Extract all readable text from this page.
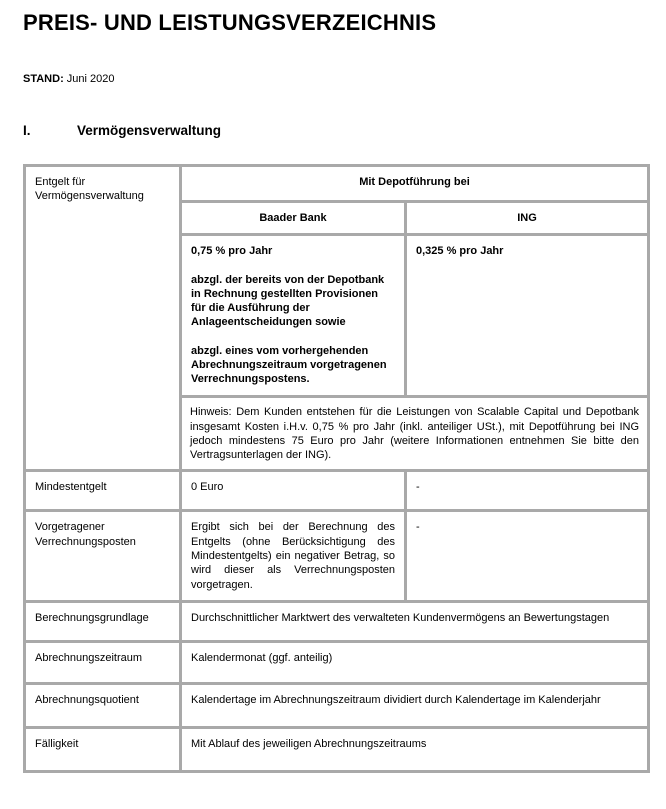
PREIS- UND LEISTUNGSVERZEICHNIS
STAND: Juni 2020
I.	Vermögensverwaltung
Entgelt für Vermögensverwaltung	Mit Depotführung bei	
	Baader Bank	ING

	0,75 % pro Jahr

abzgl. der bereits von der Depotbank in Rechnung gestellten Provisionen für die Ausführung der Anlageentscheidungen sowie

abzgl. eines vom vorhergehenden Abrechnungszeitraum vorgetragenen Verrechnungspostens.	0,325 % pro Jahr
	Hinweis: Dem Kunden entstehen für die Leistungen von Scalable Capital und Depotbank insgesamt Kosten i.H.v. 0,75 % pro Jahr (inkl. anteiliger USt.), mit Depotführung bei ING jedoch mindestens 75 Euro pro Jahr (weitere Informationen entnehmen Sie bitte den Vertragsunterlagen der ING).	
Mindestentgelt	0 Euro	-
Vorgetragener Verrechnungsposten	Ergibt sich bei der Berechnung des Entgelts (ohne Berücksichtigung des Mindestentgelts) ein negativer Betrag, so wird dieser als Verrechnungsposten vorgetragen.	-
Berechnungsgrundlage	Durchschnittlicher Marktwert des verwalteten Kundenvermögens an Bewertungstagen	
Abrechnungszeitraum	Kalendermonat (ggf. anteilig)	
Abrechnungsquotient	Kalendertage im Abrechnungszeitraum dividiert durch Kalendertage im Kalenderjahr	
Fälligkeit	Mit Ablauf des jeweiligen Abrechnungszeitraums	
